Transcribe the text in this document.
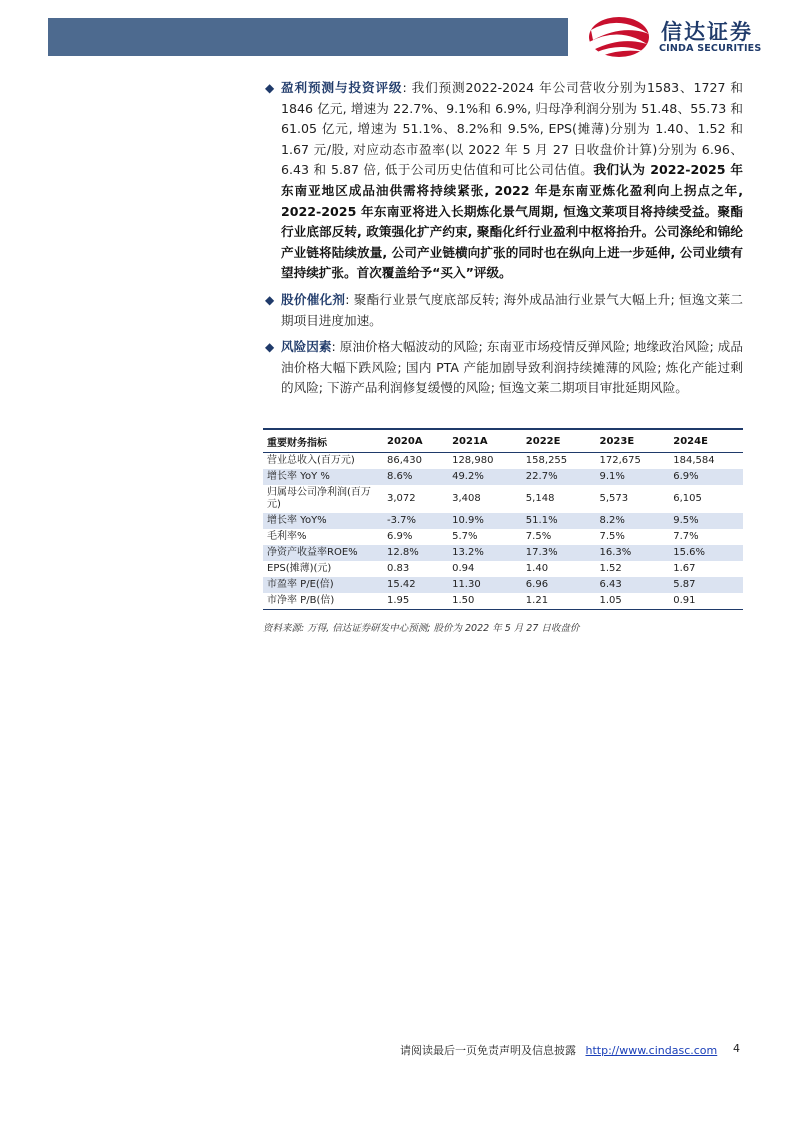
信达证券
CINDA SECURITIES
◆ 盈利预测与投资评级: 我们预测2022-2024 年公司营收分别为1583、1727 和 1846 亿元, 增速为 22.7%、9.1%和 6.9%, 归母净利润分别为 51.48、55.73 和 61.05 亿元, 增速为 51.1%、8.2%和 9.5%, EPS(摊薄)分别为 1.40、1.52 和 1.67 元/股, 对应动态市盈率(以 2022 年 5 月 27 日收盘价计算)分别为 6.96、6.43 和 5.87 倍, 低于公司历史估值和可比公司估值。我们认为 2022-2025 年东南亚地区成品油供需将持续紧张, 2022 年是东南亚炼化盈利向上拐点之年, 2022-2025 年东南亚将进入长期炼化景气周期, 恒逸文莱项目将持续受益。聚酯行业底部反转, 政策强化扩产约束, 聚酯化纤行业盈利中枢将抬升。公司涤纶和锦纶产业链将陆续放量, 公司产业链横向扩张的同时也在纵向上进一步延伸, 公司业绩有望持续扩张。首次覆盖给予“买入”评级。
◆ 股价催化剂: 聚酯行业景气度底部反转; 海外成品油行业景气大幅上升; 恒逸文莱二期项目进度加速。
◆ 风险因素: 原油价格大幅波动的风险; 东南亚市场疫情反弹风险; 地缘政治风险; 成品油价格大幅下跌风险; 国内 PTA 产能加剧导致利润持续摊薄的风险; 炼化产能过剩的风险; 下游产品利润修复缓慢的风险; 恒逸文莱二期项目审批延期风险。
重要财务指标	2020A	2021A	2022E	2023E	2024E
营业总收入(百万元)	86,430	128,980	158,255	172,675	184,584
增长率 YoY %	8.6%	49.2%	22.7%	9.1%	6.9%
归属母公司净利润(百万元)	3,072	3,408	5,148	5,573	6,105
增长率 YoY%	-3.7%	10.9%	51.1%	8.2%	9.5%
毛利率%	6.9%	5.7%	7.5%	7.5%	7.7%
净资产收益率ROE%	12.8%	13.2%	17.3%	16.3%	15.6%
EPS(摊薄)(元)	0.83	0.94	1.40	1.52	1.67
市盈率 P/E(倍)	15.42	11.30	6.96	6.43	5.87
市净率 P/B(倍)	1.95	1.50	1.21	1.05	0.91
资料来源: 万得, 信达证券研发中心预测; 股价为 2022 年 5 月 27 日收盘价
请阅读最后一页免责声明及信息披露 http://www.cindasc.com 4
